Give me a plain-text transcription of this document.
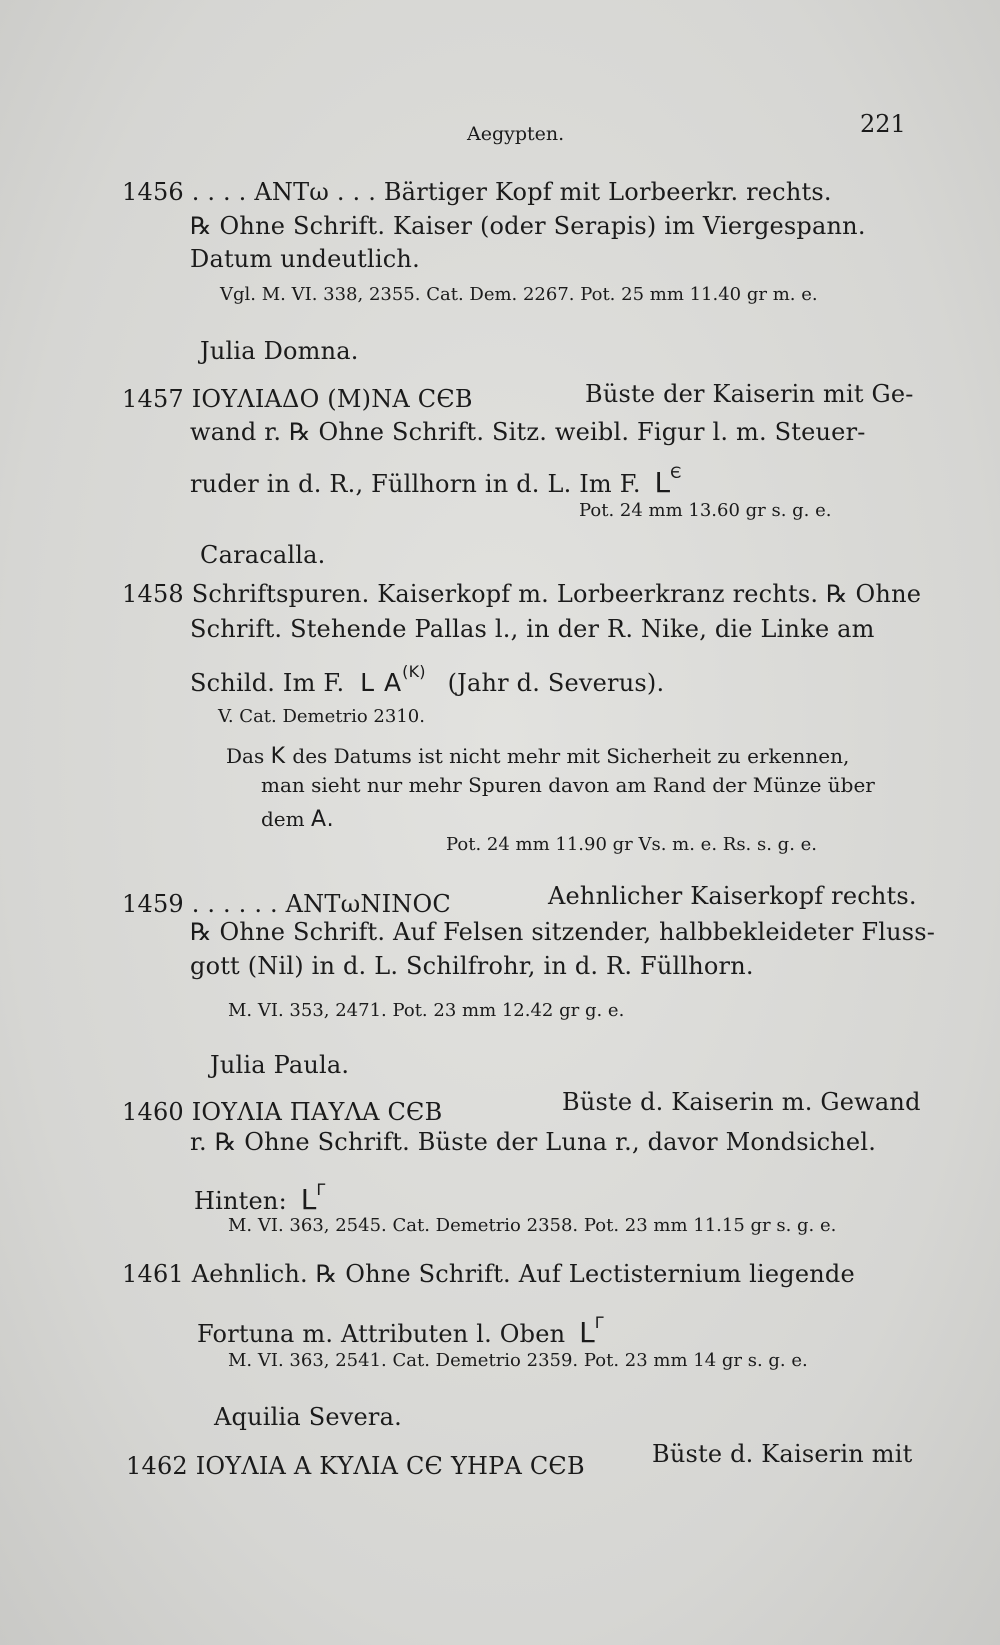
Aegypten.	221
1456 . . . . ANTω . . . Bärtiger Kopf mit Lorbeerkr. rechts.
℞ Ohne Schrift. Kaiser (oder Serapis) im Viergespann.
Datum undeutlich.
Vgl. M. VI. 338, 2355. Cat. Dem. 2267. Pot. 25 mm 11.40 gr m. e.
Julia Domna.
1457 ΙΟΥΛΙΑΔΟ (Μ)ΝΑ CЄΒ	Büste der Kaiserin mit Ge-
wand r. ℞ Ohne Schrift. Sitz. weibl. Figur l. m. Steuer-
ruder in d. R., Füllhorn in d. L. Im F. $L^Є$
Pot. 24 mm 13.60 gr s. g. e.
Caracalla.
1458 Schriftspuren. Kaiserkopf m. Lorbeerkranz rechts. ℞ Ohne
Schrift. Stehende Pallas l., in der R. Nike, die Linke am
Schild. Im F. L $A^{(K)}$ (Jahr d. Severus).
V. Cat. Demetrio 2310.
Das K des Datums ist nicht mehr mit Sicherheit zu erkennen,
man sieht nur mehr Spuren davon am Rand der Münze über
dem A.
Pot. 24 mm 11.90 gr Vs. m. e. Rs. s. g. e.
1459 . . . . . . ΑΝΤωΝΙΝΟC	Aehnlicher Kaiserkopf rechts.
℞ Ohne Schrift. Auf Felsen sitzender, halbbekleideter Fluss-
gott (Nil) in d. L. Schilfrohr, in d. R. Füllhorn.
M. VI. 353, 2471. Pot. 23 mm 12.42 gr g. e.
Julia Paula.
1460 ΙΟΥΛΙΑ ΠΑΥΛΑ CЄΒ	Büste d. Kaiserin m. Gewand
r. ℞ Ohne Schrift. Büste der Luna r., davor Mondsichel.
Hinten: $L^\Gamma$
M. VI. 363, 2545. Cat. Demetrio 2358. Pot. 23 mm 11.15 gr s. g. e.
1461 Aehnlich. ℞ Ohne Schrift. Auf Lectisternium liegende
Fortuna m. Attributen l. Oben $L^\Gamma$
M. VI. 363, 2541. Cat. Demetrio 2359. Pot. 23 mm 14 gr s. g. e.
Aquilia Severa.
1462 ΙΟΥΛΙΑ Α ΚΥΛΙΑ CЄ ΥΗΡΑ CЄΒ	Büste d. Kaiserin mit
